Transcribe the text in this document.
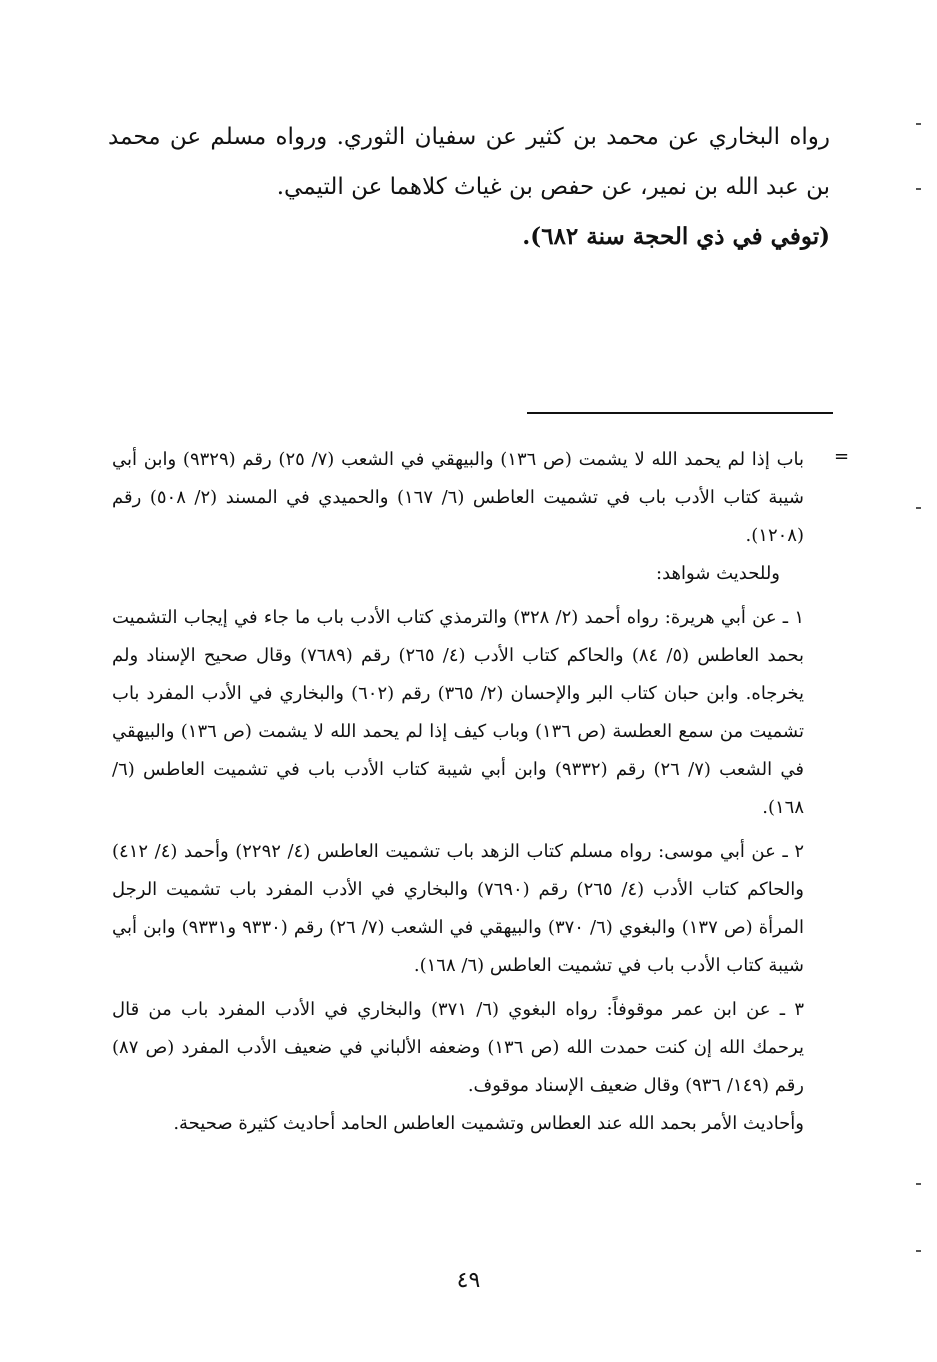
رواه البخاري عن محمد بن كثير عن سفيان الثوري. ورواه مسلم عن محمد بن عبد الله بن نمير، عن حفص بن غياث كلاهما عن التيمي.

(توفي في ذي الحجة سنة ٦٨٢).

=

باب إذا لم يحمد الله لا يشمت (ص ١٣٦) والبيهقي في الشعب (٧/ ٢٥) رقم (٩٣٢٩) وابن أبي شيبة كتاب الأدب باب في تشميت العاطس (٦/ ١٦٧) والحميدي في المسند (٢/ ٥٠٨) رقم (١٢٠٨).

وللحديث شواهد:

١ ـ عن أبي هريرة: رواه أحمد (٢/ ٣٢٨) والترمذي كتاب الأدب باب ما جاء في إيجاب التشميت بحمد العاطس (٥/ ٨٤) والحاكم كتاب الأدب (٤/ ٢٦٥) رقم (٧٦٨٩) وقال صحيح الإسناد ولم يخرجاه. وابن حبان كتاب البر والإحسان (٢/ ٣٦٥) رقم (٦٠٢) والبخاري في الأدب المفرد باب تشميت من سمع العطسة (ص ١٣٦) وباب كيف إذا لم يحمد الله لا يشمت (ص ١٣٦) والبيهقي في الشعب (٧/ ٢٦) رقم (٩٣٣٢) وابن أبي شيبة كتاب الأدب باب في تشميت العاطس (٦/ ١٦٨).

٢ ـ عن أبي موسى: رواه مسلم كتاب الزهد باب تشميت العاطس (٤/ ٢٢٩٢) وأحمد (٤/ ٤١٢) والحاكم كتاب الأدب (٤/ ٢٦٥) رقم (٧٦٩٠) والبخاري في الأدب المفرد باب تشميت الرجل المرأة (ص ١٣٧) والبغوي (٦/ ٣٧٠) والبيهقي في الشعب (٧/ ٢٦) رقم (٩٣٣٠ و٩٣٣١) وابن أبي شيبة كتاب الأدب باب في تشميت العاطس (٦/ ١٦٨).

٣ ـ عن ابن عمر موقوفاً: رواه البغوي (٦/ ٣٧١) والبخاري في الأدب المفرد باب من قال يرحمك الله إن كنت حمدت الله (ص ١٣٦) وضعفه الألباني في ضعيف الأدب المفرد (ص ٨٧) رقم (١٤٩/ ٩٣٦) وقال ضعيف الإسناد موقوف.

وأحاديث الأمر بحمد الله عند العطاس وتشميت العاطس الحامد أحاديث كثيرة صحيحة.

٤٩
